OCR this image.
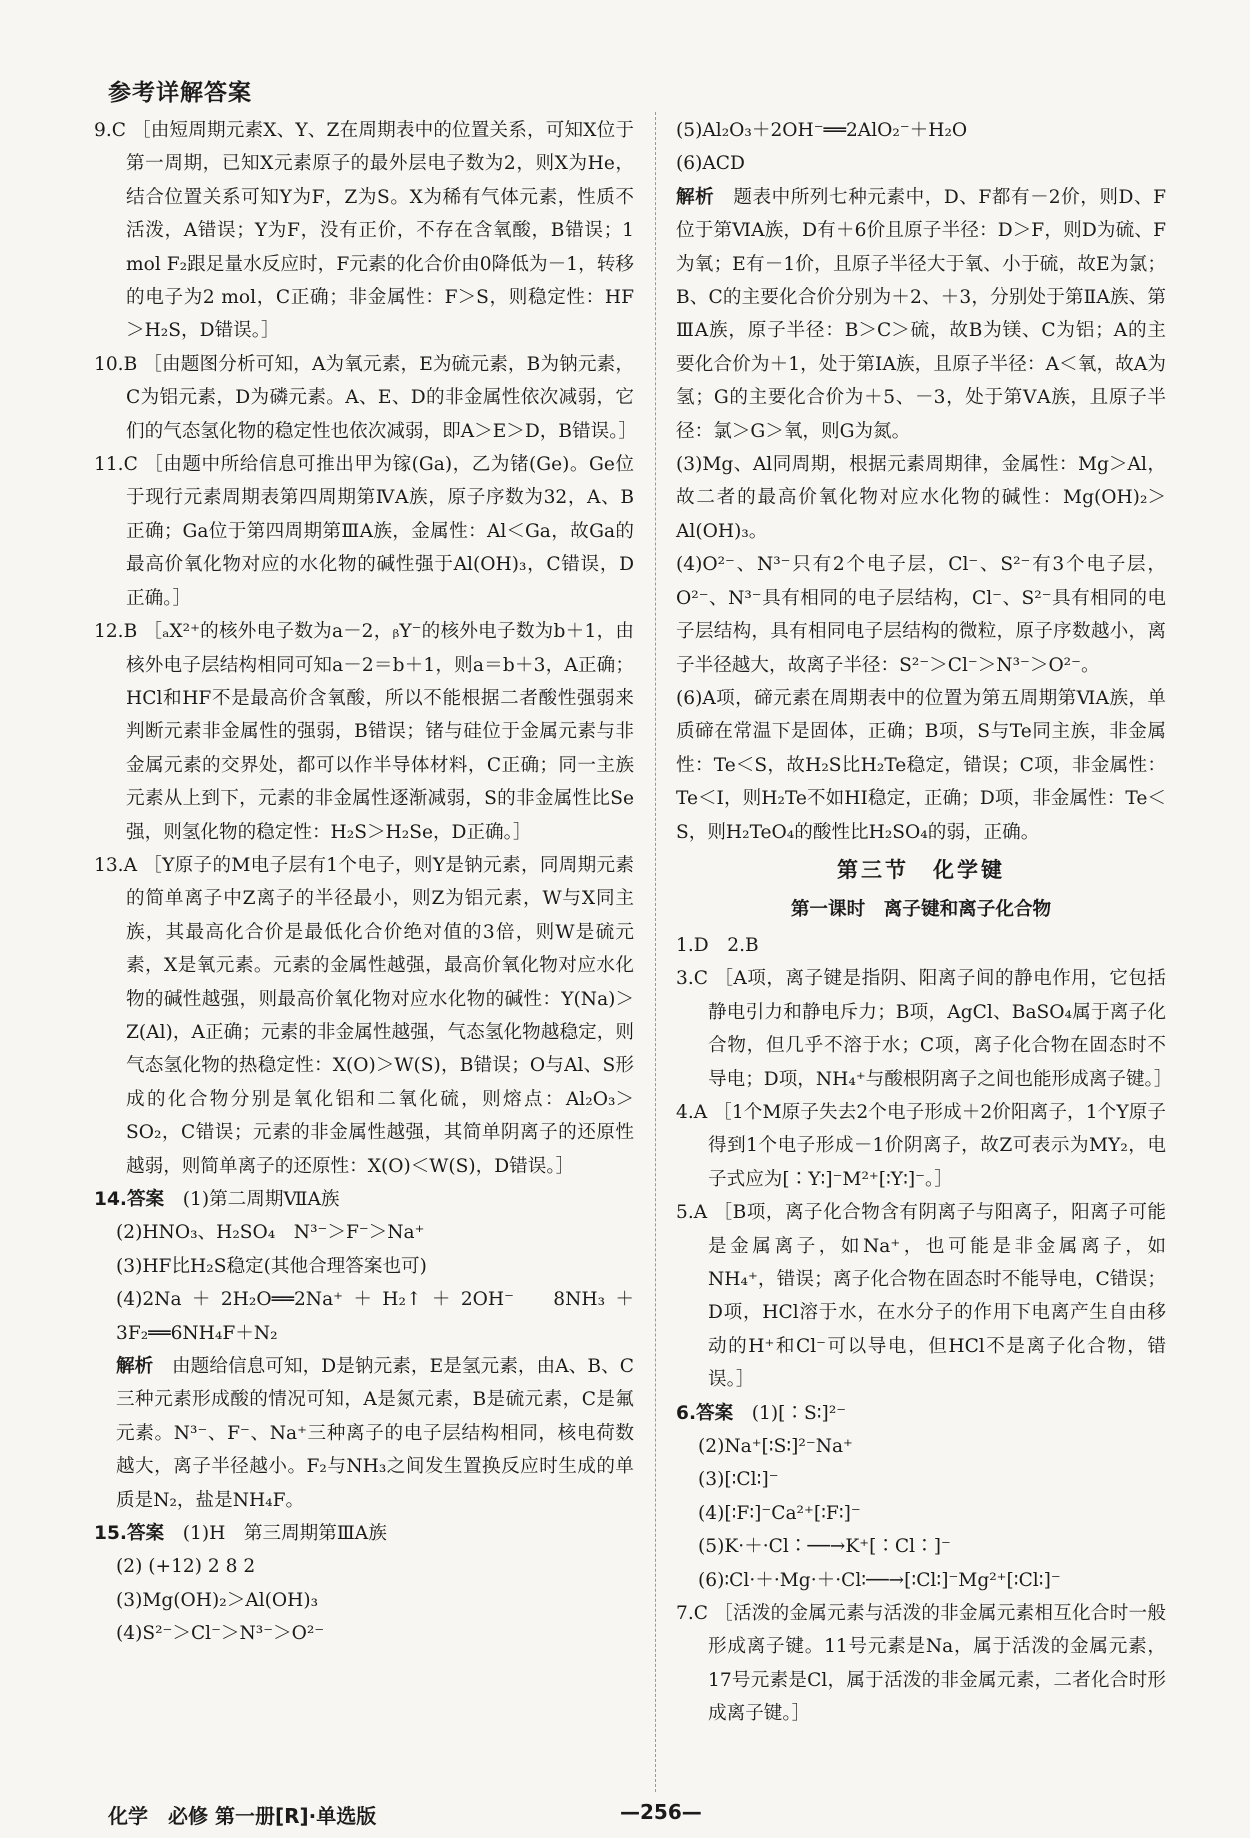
参考详解答案
9.C ［由短周期元素X、Y、Z在周期表中的位置关系，可知X位于第一周期，已知X元素原子的最外层电子数为2，则X为He，结合位置关系可知Y为F，Z为S。X为稀有气体元素，性质不活泼，A错误；Y为F，没有正价，不存在含氧酸，B错误；1 mol F₂跟足量水反应时，F元素的化合价由0降低为－1，转移的电子为2 mol，C正确；非金属性：F＞S，则稳定性：HF＞H₂S，D错误。］
10.B ［由题图分析可知，A为氧元素，E为硫元素，B为钠元素，C为铝元素，D为磷元素。A、E、D的非金属性依次减弱，它们的气态氢化物的稳定性也依次减弱，即A＞E＞D，B错误。］
11.C ［由题中所给信息可推出甲为镓(Ga)，乙为锗(Ge)。Ge位于现行元素周期表第四周期第ⅣA族，原子序数为32，A、B正确；Ga位于第四周期第ⅢA族，金属性：Al＜Ga，故Ga的最高价氧化物对应的水化物的碱性强于Al(OH)₃，C错误，D正确。］
12.B ［ₐX²⁺的核外电子数为a－2，ᵦY⁻的核外电子数为b＋1，由核外电子层结构相同可知a－2＝b＋1，则a＝b＋3，A正确；HCl和HF不是最高价含氧酸，所以不能根据二者酸性强弱来判断元素非金属性的强弱，B错误；锗与硅位于金属元素与非金属元素的交界处，都可以作半导体材料，C正确；同一主族元素从上到下，元素的非金属性逐渐减弱，S的非金属性比Se强，则氢化物的稳定性：H₂S＞H₂Se，D正确。］
13.A ［Y原子的M电子层有1个电子，则Y是钠元素，同周期元素的简单离子中Z离子的半径最小，则Z为铝元素，W与X同主族，其最高化合价是最低化合价绝对值的3倍，则W是硫元素，X是氧元素。元素的金属性越强，最高价氧化物对应水化物的碱性越强，则最高价氧化物对应水化物的碱性：Y(Na)＞Z(Al)，A正确；元素的非金属性越强，气态氢化物越稳定，则气态氢化物的热稳定性：X(O)＞W(S)，B错误；O与Al、S形成的化合物分别是氧化铝和二氧化硫，则熔点：Al₂O₃＞SO₂，C错误；元素的非金属性越强，其简单阴离子的还原性越弱，则简单离子的还原性：X(O)＜W(S)，D错误。］
14.答案　(1)第二周期ⅦA族
(2)HNO₃、H₂SO₄　N³⁻＞F⁻＞Na⁺
(3)HF比H₂S稳定(其他合理答案也可)
(4)2Na＋2H₂O══2Na⁺＋H₂↑＋2OH⁻　8NH₃＋3F₂══6NH₄F＋N₂
解析　由题给信息可知，D是钠元素，E是氢元素，由A、B、C三种元素形成酸的情况可知，A是氮元素，B是硫元素，C是氟元素。N³⁻、F⁻、Na⁺三种离子的电子层结构相同，核电荷数越大，离子半径越小。F₂与NH₃之间发生置换反应时生成的单质是N₂，盐是NH₄F。
15.答案　(1)H　第三周期第ⅢA族
(2) (+12) 2 8 2
(3)Mg(OH)₂＞Al(OH)₃
(4)S²⁻＞Cl⁻＞N³⁻＞O²⁻
(5)Al₂O₃＋2OH⁻══2AlO₂⁻＋H₂O
(6)ACD
解析　题表中所列七种元素中，D、F都有－2价，则D、F位于第ⅥA族，D有＋6价且原子半径：D＞F，则D为硫、F为氧；E有－1价，且原子半径大于氧、小于硫，故E为氯；B、C的主要化合价分别为＋2、＋3，分别处于第ⅡA族、第ⅢA族，原子半径：B＞C＞硫，故B为镁、C为铝；A的主要化合价为＋1，处于第ⅠA族，且原子半径：A＜氧，故A为氢；G的主要化合价为＋5、－3，处于第ⅤA族，且原子半径：氯＞G＞氧，则G为氮。
(3)Mg、Al同周期，根据元素周期律，金属性：Mg＞Al，故二者的最高价氧化物对应水化物的碱性：Mg(OH)₂＞Al(OH)₃。
(4)O²⁻、N³⁻只有2个电子层，Cl⁻、S²⁻有3个电子层，O²⁻、N³⁻具有相同的电子层结构，Cl⁻、S²⁻具有相同的电子层结构，具有相同电子层结构的微粒，原子序数越小，离子半径越大，故离子半径：S²⁻＞Cl⁻＞N³⁻＞O²⁻。
(6)A项，碲元素在周期表中的位置为第五周期第ⅥA族，单质碲在常温下是固体，正确；B项，S与Te同主族，非金属性：Te＜S，故H₂S比H₂Te稳定，错误；C项，非金属性：Te＜I，则H₂Te不如HI稳定，正确；D项，非金属性：Te＜S，则H₂TeO₄的酸性比H₂SO₄的弱，正确。
第三节　化学键
第一课时　离子键和离子化合物
1.D　2.B
3.C ［A项，离子键是指阴、阳离子间的静电作用，它包括静电引力和静电斥力；B项，AgCl、BaSO₄属于离子化合物，但几乎不溶于水；C项，离子化合物在固态时不导电；D项，NH₄⁺与酸根阴离子之间也能形成离子键。］
4.A ［1个M原子失去2个电子形成＋2价阳离子，1个Y原子得到1个电子形成－1价阴离子，故Z可表示为MY₂，电子式应为[∶Y∶]⁻M²⁺[∶Y∶]⁻。］
5.A ［B项，离子化合物含有阴离子与阳离子，阳离子可能是金属离子，如Na⁺，也可能是非金属离子，如NH₄⁺，错误；离子化合物在固态时不能导电，C错误；D项，HCl溶于水，在水分子的作用下电离产生自由移动的H⁺和Cl⁻可以导电，但HCl不是离子化合物，错误。］
6.答案　(1)[∶S∶]²⁻
(2)Na⁺[∶S∶]²⁻Na⁺
(3)[∶Cl∶]⁻
(4)[∶F∶]⁻Ca²⁺[∶F∶]⁻
(5)K·＋·Cl∶──→K⁺[∶Cl∶]⁻
(6)∶Cl·＋·Mg·＋·Cl∶──→[∶Cl∶]⁻Mg²⁺[∶Cl∶]⁻
7.C ［活泼的金属元素与活泼的非金属元素相互化合时一般形成离子键。11号元素是Na，属于活泼的金属元素，17号元素是Cl，属于活泼的非金属元素，二者化合时形成离子键。］
化学　必修 第一册[R]·单选版	—256—
